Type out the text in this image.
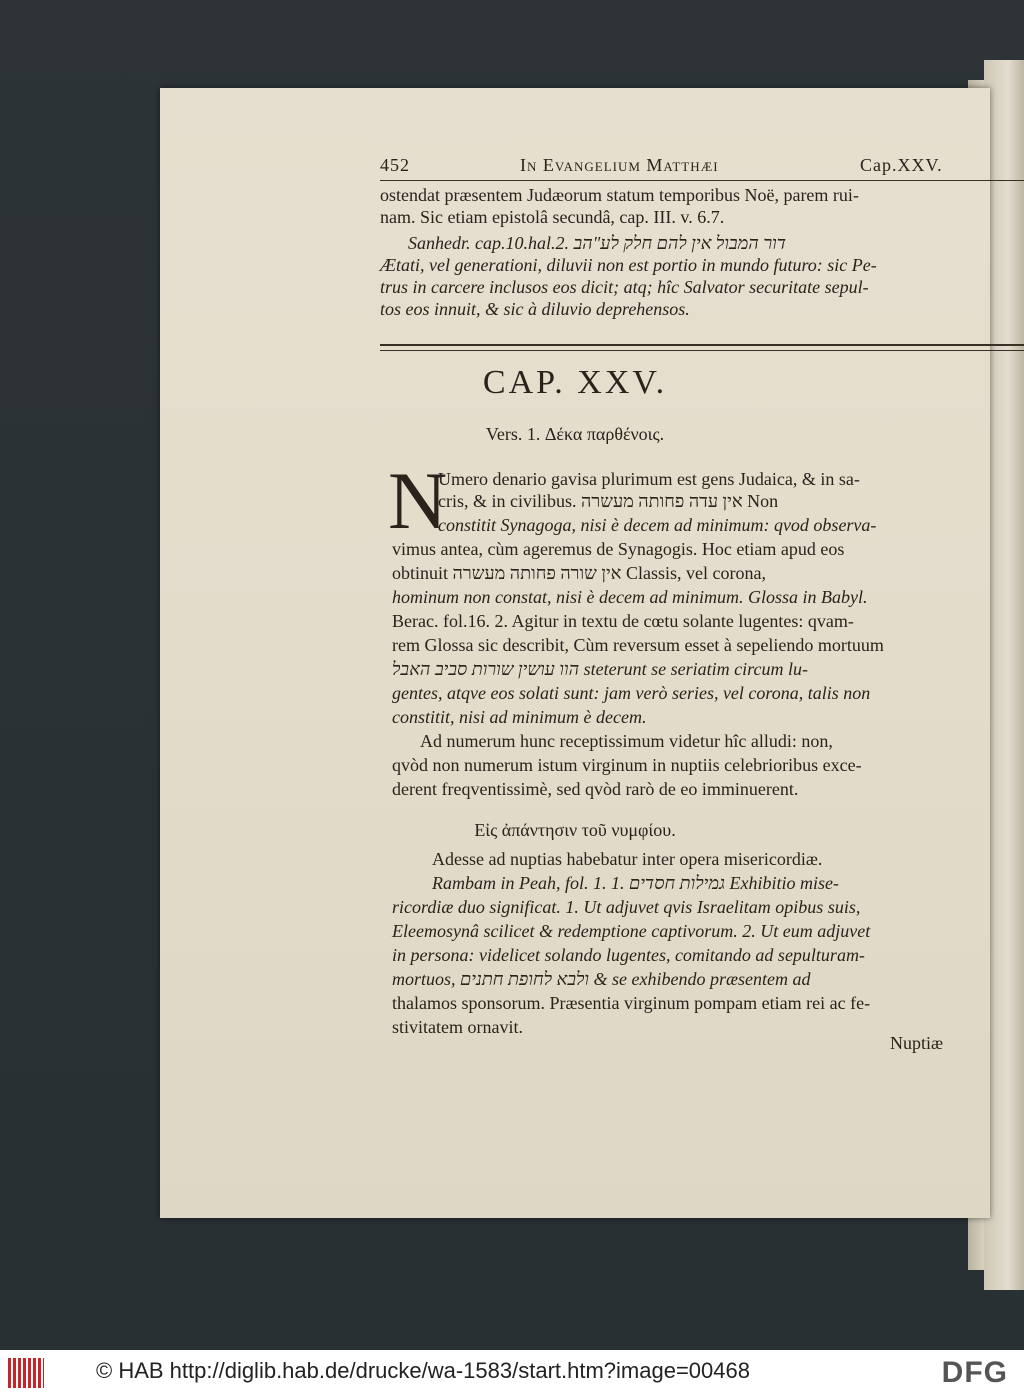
452	In Evangelium Matthæi	Cap.XXV.
ostendat præsentem Judæorum statum temporibus Noë, parem rui-
nam. Sic etiam epistolâ secundâ, cap. III. v. 6.7.
Sanhedr. cap.10.hal.2. דור המבול אין להם חלק לע"הב
Ætati, vel generationi, diluvii non est portio in mundo futuro: sic Pe-
trus in carcere inclusos eos dicit; atq; hîc Salvator securitate sepul-
tos eos innuit, & sic à diluvio deprehensos.
CAP. XXV.
Vers. 1. Δέκα παρθένοις.
N
Umero denario gavisa plurimum est gens Judaica, & in sa-
cris, & in civilibus. אין עדה פחותה מעשרה Non
constitit Synagoga, nisi è decem ad minimum: qvod observa-
vimus antea, cùm ageremus de Synagogis. Hoc etiam apud eos
obtinuit אין שורה פחותה מעשרה Classis, vel corona,
hominum non constat, nisi è decem ad minimum. Glossa in Babyl.
Berac. fol.16. 2. Agitur in textu de cœtu solante lugentes: qvam-
rem Glossa sic describit, Cùm reversum esset à sepeliendo mortuum
הוו עושין שורות סביב האבל steterunt se seriatim circum lu-
gentes, atqve eos solati sunt: jam verò series, vel corona, talis non
constitit, nisi ad minimum è decem.
Ad numerum hunc receptissimum videtur hîc alludi: non,
qvòd non numerum istum virginum in nuptiis celebrioribus exce-
derent freqventissimè, sed qvòd rarò de eo imminuerent.
Εἰς ἀπάντησιν τοῦ νυμφίου.
Adesse ad nuptias habebatur inter opera misericordiæ.
Rambam in Peah, fol. 1. 1. גמילות חסדים Exhibitio mise-
ricordiæ duo significat. 1. Ut adjuvet qvis Israelitam opibus suis,
Eleemosynâ scilicet & redemptione captivorum. 2. Ut eum adjuvet
in persona: videlicet solando lugentes, comitando ad sepulturam-
mortuos, ולבא לחופת חתנים & se exhibendo præsentem ad
thalamos sponsorum. Præsentia virginum pompam etiam rei ac fe-
stivitatem ornavit.
Nuptiæ
© HAB http://diglib.hab.de/drucke/wa-1583/start.htm?image=00468	DFG
